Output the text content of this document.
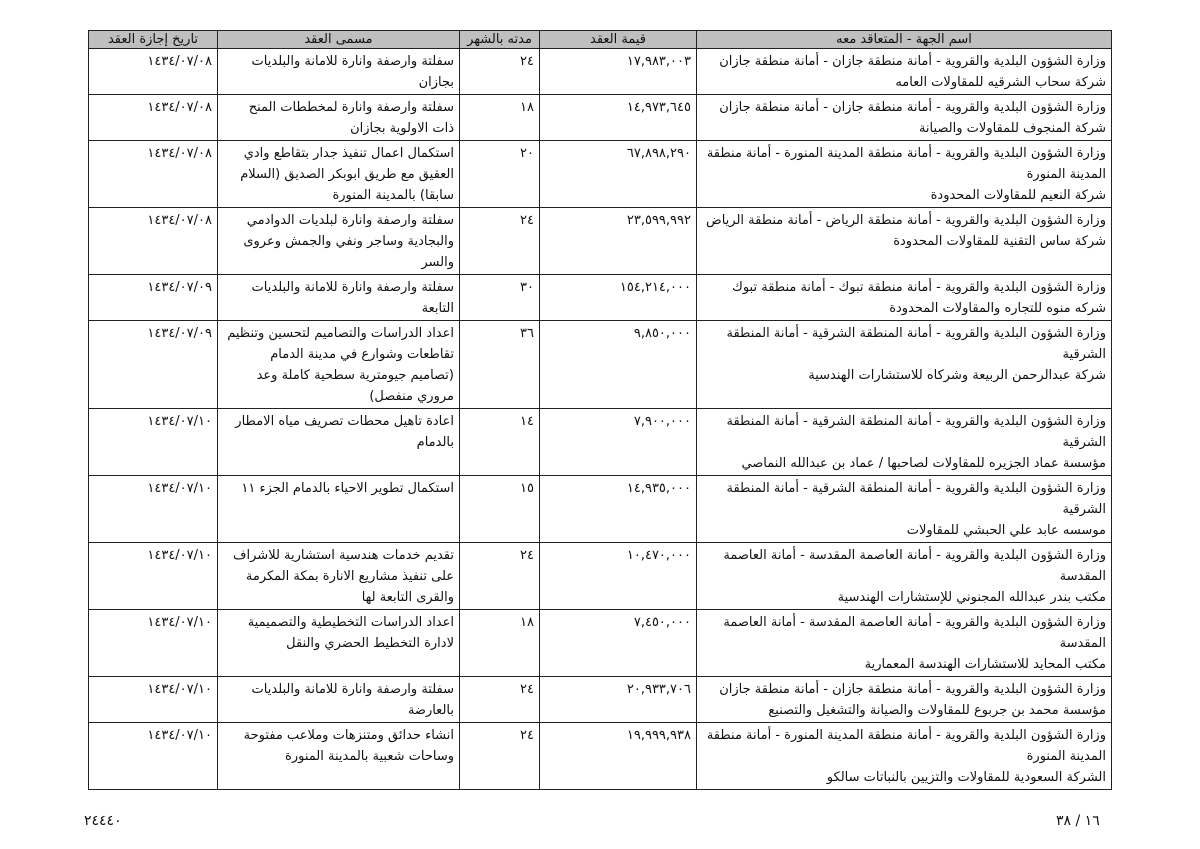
اسم الجهة - المتعاقد معه	قيمة العقد	مدته بالشهر	مسمى العقد	تاريخ إجازة العقد

وزارة الشؤون البلدية والقروية - أمانة منطقة جازان - أمانة منطقة جازان
شركة سحاب الشرقيه للمقاولات العامه	١٧,٩٨٣,٠٠٣	٢٤	سفلتة وارصفة وانارة للامانة والبلديات بجازان	١٤٣٤/٠٧/٠٨

وزارة الشؤون البلدية والقروية - أمانة منطقة جازان - أمانة منطقة جازان
شركة المنجوف للمقاولات والصيانة	١٤,٩٧٣,٦٤٥	١٨	سفلتة وارصفة وانارة لمخططات المنح ذات الاولوية بجازان	١٤٣٤/٠٧/٠٨

وزارة الشؤون البلدية والقروية - أمانة منطقة المدينة المنورة - أمانة منطقة
المدينة المنورة
شركة النعيم للمقاولات المحدودة	٦٧,٨٩٨,٢٩٠	٢٠	استكمال اعمال تنفيذ جدار بتقاطع وادي العقيق مع طريق ابوبكر الصديق (السلام سابقا) بالمدينة المنورة	١٤٣٤/٠٧/٠٨

وزارة الشؤون البلدية والقروية - أمانة منطقة الرياض - أمانة منطقة الرياض
شركة ساس التقنية للمقاولات المحدودة	٢٣,٥٩٩,٩٩٢	٢٤	سفلتة وارصفة وانارة لبلديات الدوادمي والبجادية وساجر ونفي والجمش وعروى والسر	١٤٣٤/٠٧/٠٨

وزارة الشؤون البلدية والقروية - أمانة منطقة تبوك - أمانة منطقة تبوك
شركه منوه للتجاره والمقاولات المحدودة	١٥٤,٢١٤,٠٠٠	٣٠	سفلتة وارصفة وانارة للامانة والبلديات التابعة	١٤٣٤/٠٧/٠٩

وزارة الشؤون البلدية والقروية - أمانة المنطقة الشرقية - أمانة المنطقة
الشرقية
شركة عبدالرحمن الربيعة وشركاه للاستشارات الهندسية	٩,٨٥٠,٠٠٠	٣٦	اعداد الدراسات والتصاميم لتحسين وتنظيم تقاطعات وشوارع في مدينة الدمام (تصاميم جيومترية سطحية كاملة وعد مروري منفصل)	١٤٣٤/٠٧/٠٩

وزارة الشؤون البلدية والقروية - أمانة المنطقة الشرقية - أمانة المنطقة
الشرقية
مؤسسة عماد الجزيره للمقاولات لصاحبها / عماد بن عبدالله النماصي	٧,٩٠٠,٠٠٠	١٤	اعادة تاهيل محطات تصريف مياه الامطار بالدمام	١٤٣٤/٠٧/١٠

وزارة الشؤون البلدية والقروية - أمانة المنطقة الشرقية - أمانة المنطقة
الشرقية
موسسه عابد علي الحبشي للمقاولات	١٤,٩٣٥,٠٠٠	١٥	استكمال تطوير الاحياء بالدمام الجزء ١١	١٤٣٤/٠٧/١٠

وزارة الشؤون البلدية والقروية - أمانة العاصمة المقدسة - أمانة العاصمة
المقدسة
مكتب بندر عبدالله المجنوني للإستشارات الهندسية	١٠,٤٧٠,٠٠٠	٢٤	تقديم خدمات هندسية استشارية للاشراف على تنفيذ مشاريع الانارة بمكة المكرمة والقرى التابعة لها	١٤٣٤/٠٧/١٠

وزارة الشؤون البلدية والقروية - أمانة العاصمة المقدسة - أمانة العاصمة
المقدسة
مكتب المحايد للاستشارات الهندسة المعمارية	٧,٤٥٠,٠٠٠	١٨	اعداد الدراسات التخطيطية والتصميمية لادارة التخطيط الحضري والنقل	١٤٣٤/٠٧/١٠

وزارة الشؤون البلدية والقروية - أمانة منطقة جازان - أمانة منطقة جازان
مؤسسة محمد بن جربوع للمقاولات والصيانة والتشغيل والتصنيع	٢٠,٩٣٣,٧٠٦	٢٤	سفلتة وارصفة وانارة للامانة والبلديات بالعارضة	١٤٣٤/٠٧/١٠

وزارة الشؤون البلدية والقروية - أمانة منطقة المدينة المنورة - أمانة منطقة
المدينة المنورة
الشركة السعودية للمقاولات والتزيين بالنباتات سالكو	١٩,٩٩٩,٩٣٨	٢٤	انشاء حدائق ومتنزهات وملاعب مفتوحة وساحات شعبية بالمدينة المنورة	١٤٣٤/٠٧/١٠
١٦ / ٣٨
٢٤٤٤٠
